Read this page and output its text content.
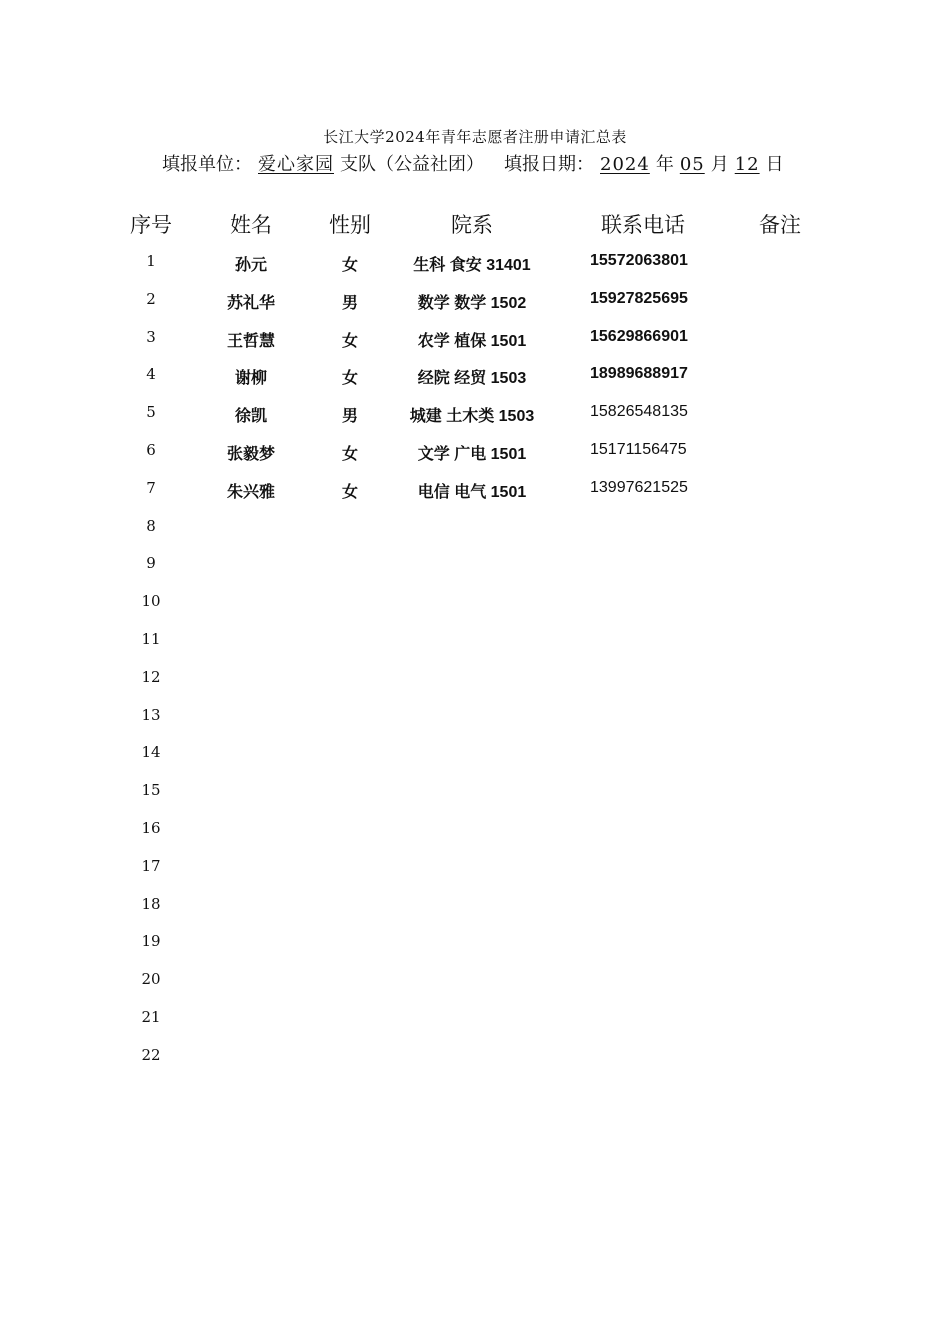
长江大学2024年青年志愿者注册申请汇总表
填报单位： 爱心家园 支队（公益社团） 填报日期： 2024 年 05 月 12 日
序号	姓名	性别	院系	联系电话	备注
1	孙元	女	生科 食安 31401	15572063801
2	苏礼华	男	数学 数学 1502	15927825695
3	王哲慧	女	农学 植保 1501	15629866901
4	谢柳	女	经院 经贸 1503	18989688917
5	徐凯	男	城建 土木类 1503	15826548135
6	张毅梦	女	文学 广电 1501	15171156475
7	朱兴雅	女	电信 电气 1501	13997621525
8
9
10
11
12
13
14
15
16
17
18
19
20
21
22
